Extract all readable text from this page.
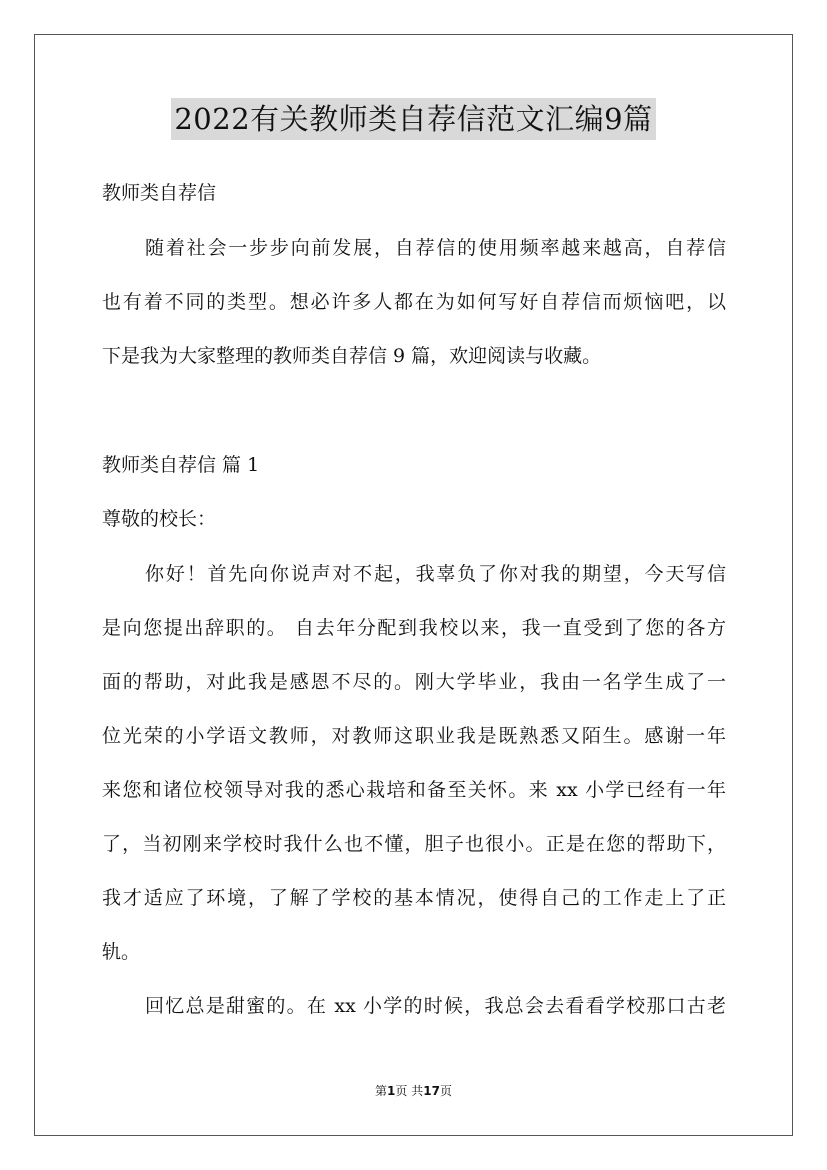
2022有关教师类自荐信范文汇编9篇
教师类自荐信
随着社会一步步向前发展，自荐信的使用频率越来越高，自荐信
也有着不同的类型。想必许多人都在为如何写好自荐信而烦恼吧，以
下是我为大家整理的教师类自荐信 9 篇，欢迎阅读与收藏。
教师类自荐信 篇 1
尊敬的校长：
你好！首先向你说声对不起，我辜负了你对我的期望，今天写信
是向您提出辞职的。 自去年分配到我校以来，我一直受到了您的各方
面的帮助，对此我是感恩不尽的。刚大学毕业，我由一名学生成了一
位光荣的小学语文教师，对教师这职业我是既熟悉又陌生。感谢一年
来您和诸位校领导对我的悉心栽培和备至关怀。来 xx 小学已经有一年
了，当初刚来学校时我什么也不懂，胆子也很小。正是在您的帮助下，
我才适应了环境，了解了学校的基本情况，使得自己的工作走上了正
轨。
回忆总是甜蜜的。在 xx 小学的时候，我总会去看看学校那口古老
第1页 共17页
